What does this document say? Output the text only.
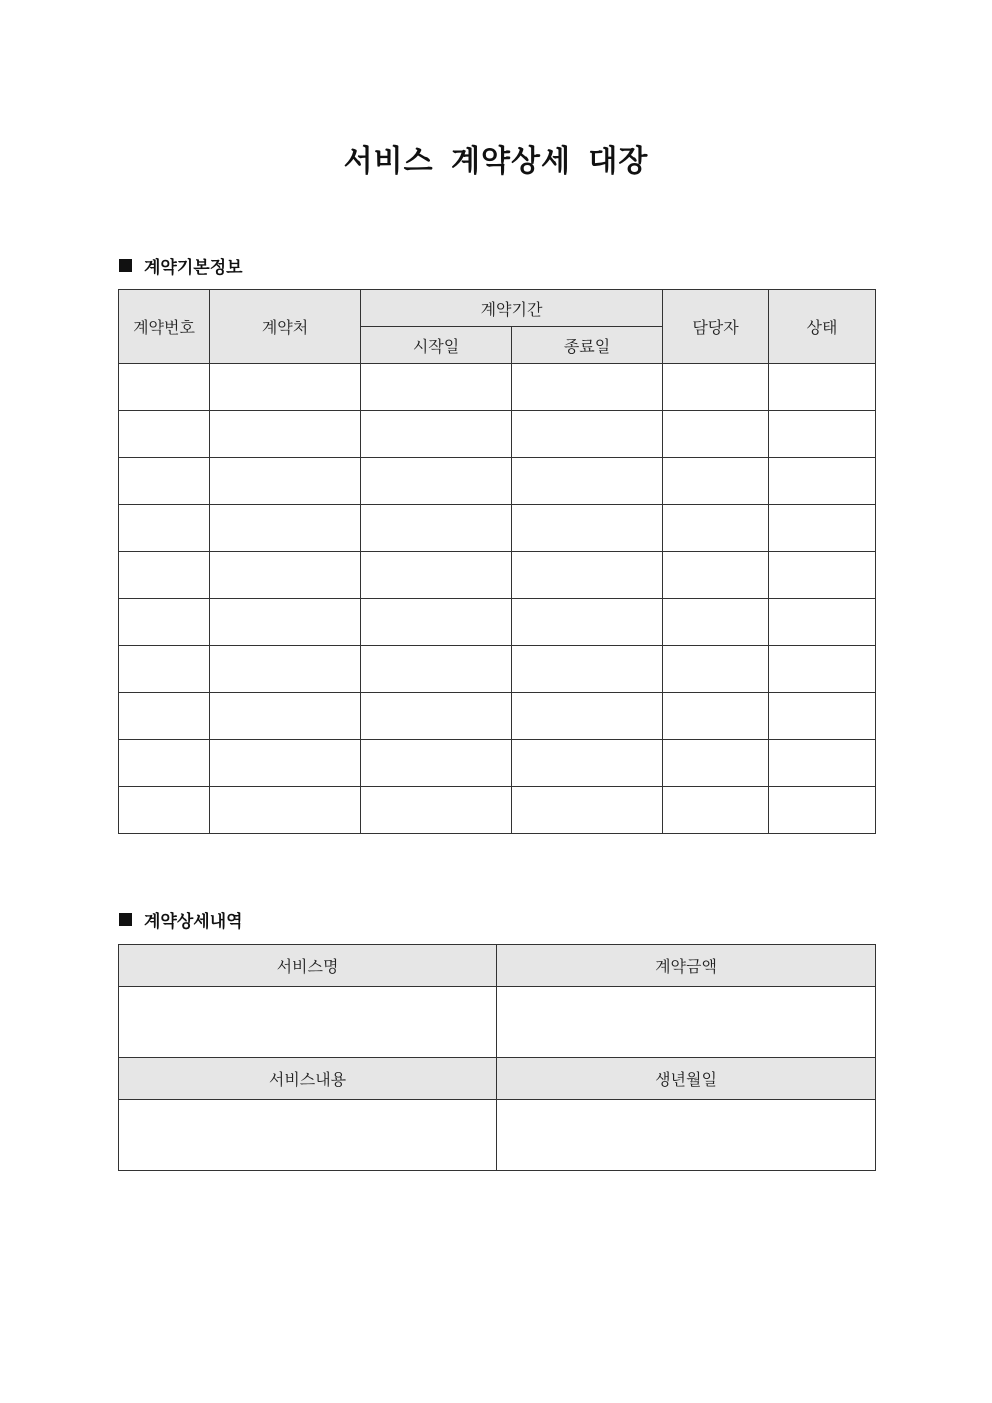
서비스 계약상세 대장
계약기본정보
계약번호	계약처	계약기간		담당자	상태
		시작일	종료일		

계약상세내역
서비스명	계약금액

서비스내용	생년월일
